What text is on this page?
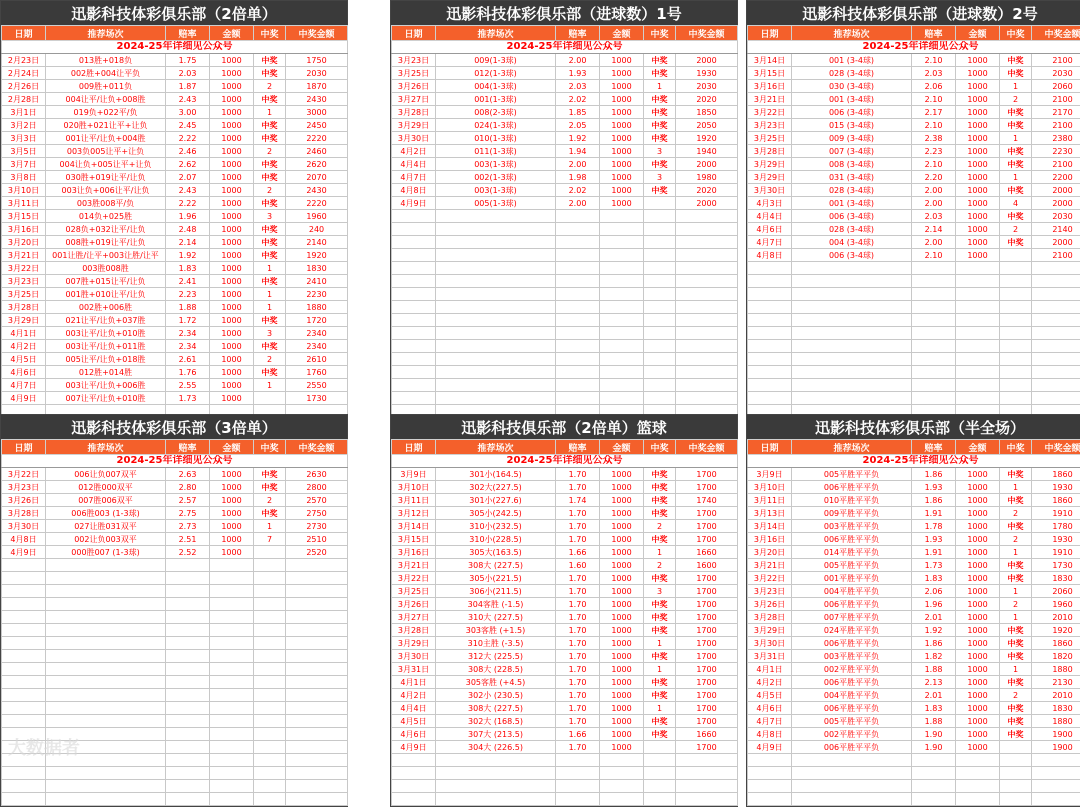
迅影科技体彩俱乐部（2倍单）
日期	推荐场次	赔率	金额	中奖	中奖金额
2024-25年详细见公众号					
2月23日	013胜+018负	1.75	1000	中奖	1750
2月24日	002胜+004让平负	2.03	1000	中奖	2030
2月26日	009胜+011负	1.87	1000	2	1870
2月28日	004让平/让负+008胜	2.43	1000	中奖	2430
3月1日	019负+022平/负	3.00	1000	1	3000
3月2日	020胜+021让平+让负	2.45	1000	中奖	2450
3月3日	001让平/让负+004胜	2.22	1000	中奖	2220
3月5日	003负005让平+让负	2.46	1000	2	2460
3月7日	004让负+005让平+让负	2.62	1000	中奖	2620
3月8日	030胜+019让平/让负	2.07	1000	中奖	2070
3月10日	003让负+006让平/让负	2.43	1000	2	2430
3月11日	003胜008平/负	2.22	1000	中奖	2220
3月15日	014负+025胜	1.96	1000	3	1960
3月16日	028负+032让平/让负	2.48	1000	中奖	240
3月20日	008胜+019让平/让负	2.14	1000	中奖	2140
3月21日	001让胜/让平+003让胜/让平	1.92	1000	中奖	1920
3月22日	003胜008胜	1.83	1000	1	1830
3月23日	007胜+015让平/让负	2.41	1000	中奖	2410
3月25日	001胜+010让平/让负	2.23	1000	1	2230
3月28日	002胜+006胜	1.88	1000	1	1880
3月29日	021让平/让负+037胜	1.72	1000	中奖	1720
4月1日	003让平/让负+010胜	2.34	1000	3	2340
4月2日	003让平/让负+011胜	2.34	1000	中奖	2340
4月5日	005让平/让负+018胜	2.61	1000	2	2610
4月6日	012胜+014胜	1.76	1000	中奖	1760
4月7日	003让平/让负+006胜	2.55	1000	1	2550
4月9日	007让平/让负+010胜	1.73	1000		1730

迅影科技体彩俱乐部（进球数）1号
日期	推荐场次	赔率	金额	中奖	中奖金额
2024-25年详细见公众号					
3月23日	009(1-3球)	2.00	1000	中奖	2000
3月25日	012(1-3球)	1.93	1000	中奖	1930
3月26日	004(1-3球)	2.03	1000	1	2030
3月27日	001(1-3球)	2.02	1000	中奖	2020
3月28日	008(2-3球)	1.85	1000	中奖	1850
3月29日	024(1-3球)	2.05	1000	中奖	2050
3月30日	010(1-3球)	1.92	1000	中奖	1920
4月2日	011(1-3球)	1.94	1000	3	1940
4月4日	003(1-3球)	2.00	1000	中奖	2000
4月7日	002(1-3球)	1.98	1000	3	1980
4月8日	003(1-3球)	2.02	1000	中奖	2020
4月9日	005(1-3球)	2.00	1000		2000

迅影科技体彩俱乐部（进球数）2号
日期	推荐场次	赔率	金额	中奖	中奖金额
2024-25年详细见公众号					
3月14日	001 (3-4球)	2.10	1000	中奖	2100
3月15日	028 (3-4球)	2.03	1000	中奖	2030
3月16日	030 (3-4球)	2.06	1000	1	2060
3月21日	001 (3-4球)	2.10	1000	2	2100
3月22日	006 (3-4球)	2.17	1000	中奖	2170
3月23日	015 (3-4球)	2.10	1000	中奖	2100
3月25日	009 (3-4球)	2.38	1000	1	2380
3月28日	007 (3-4球)	2.23	1000	中奖	2230
3月29日	008 (3-4球)	2.10	1000	中奖	2100
3月29日	031 (3-4球)	2.20	1000	1	2200
3月30日	028 (3-4球)	2.00	1000	中奖	2000
4月3日	001 (3-4球)	2.00	1000	4	2000
4月4日	006 (3-4球)	2.03	1000	中奖	2030
4月6日	028 (3-4球)	2.14	1000	2	2140
4月7日	004 (3-4球)	2.00	1000	中奖	2000
4月8日	006 (3-4球)	2.10	1000		2100

迅影科技体彩俱乐部（3倍单）
日期	推荐场次	赔率	金额	中奖	中奖金额
2024-25年详细见公众号					
3月22日	006让负007双平	2.63	1000	中奖	2630
3月23日	012胜000双平	2.80	1000	中奖	2800
3月26日	007胜006双平	2.57	1000	2	2570
3月28日	006胜003 (1-3球)	2.75	1000	中奖	2750
3月30日	027让胜031双平	2.73	1000	1	2730
4月8日	002让负003双平	2.51	1000	7	2510
4月9日	000胜007 (1-3球)	2.52	1000		2520

迅影科技俱乐部（2倍单）篮球
日期	推荐场次	赔率	金额	中奖	中奖金额
2024-25年详细见公众号					
3月9日	301小(164.5)	1.70	1000	中奖	1700
3月10日	302大(227.5)	1.70	1000	中奖	1700
3月11日	301小(227.6)	1.74	1000	中奖	1740
3月12日	305小(242.5)	1.70	1000	中奖	1700
3月14日	310小(232.5)	1.70	1000	2	1700
3月15日	310小(228.5)	1.70	1000	中奖	1700
3月16日	305大(163.5)	1.66	1000	1	1660
3月21日	308大 (227.5)	1.60	1000	2	1600
3月22日	305小(221.5)	1.70	1000	中奖	1700
3月25日	306小(211.5)	1.70	1000	3	1700
3月26日	304客胜 (-1.5)	1.70	1000	中奖	1700
3月27日	310大 (227.5)	1.70	1000	中奖	1700
3月28日	303客胜 (+1.5)	1.70	1000	中奖	1700
3月29日	310主胜 (-3.5)	1.70	1000	1	1700
3月30日	312大 (225.5)	1.70	1000	中奖	1700
3月31日	308大 (228.5)	1.70	1000	1	1700
4月1日	305客胜 (+4.5)	1.70	1000	中奖	1700
4月2日	302小 (230.5)	1.70	1000	中奖	1700
4月4日	308大 (227.5)	1.70	1000	1	1700
4月5日	302大 (168.5)	1.70	1000	中奖	1700
4月6日	307大 (213.5)	1.66	1000	中奖	1660
4月9日	304大 (226.5)	1.70	1000		1700

迅影科技体彩俱乐部（半全场）
日期	推荐场次	赔率	金额	中奖	中奖金额
2024-25年详细见公众号					
3月9日	005平胜平平负	1.86	1000	中奖	1860
3月10日	006平胜平平负	1.93	1000	1	1930
3月11日	010平胜平平负	1.86	1000	中奖	1860
3月13日	009平胜平平负	1.91	1000	2	1910
3月14日	003平胜平平负	1.78	1000	中奖	1780
3月16日	006平胜平平负	1.93	1000	2	1930
3月20日	014平胜平平负	1.91	1000	1	1910
3月21日	005平胜平平负	1.73	1000	中奖	1730
3月22日	001平胜平平负	1.83	1000	中奖	1830
3月23日	004平胜平平负	2.06	1000	1	2060
3月26日	006平胜平平负	1.96	1000	2	1960
3月28日	007平胜平平负	2.01	1000	1	2010
3月29日	024平胜平平负	1.92	1000	中奖	1920
3月30日	006平胜平平负	1.86	1000	中奖	1860
3月31日	003平胜平平负	1.82	1000	中奖	1820
4月1日	002平胜平平负	1.88	1000	1	1880
4月2日	006平胜平平负	2.13	1000	中奖	2130
4月5日	004平胜平平负	2.01	1000	2	2010
4月6日	006平胜平平负	1.83	1000	中奖	1830
4月7日	005平胜平平负	1.88	1000	中奖	1880
4月8日	002平胜平平负	1.90	1000	中奖	1900
4月9日	006平胜平平负	1.90	1000		1900

大数据者
